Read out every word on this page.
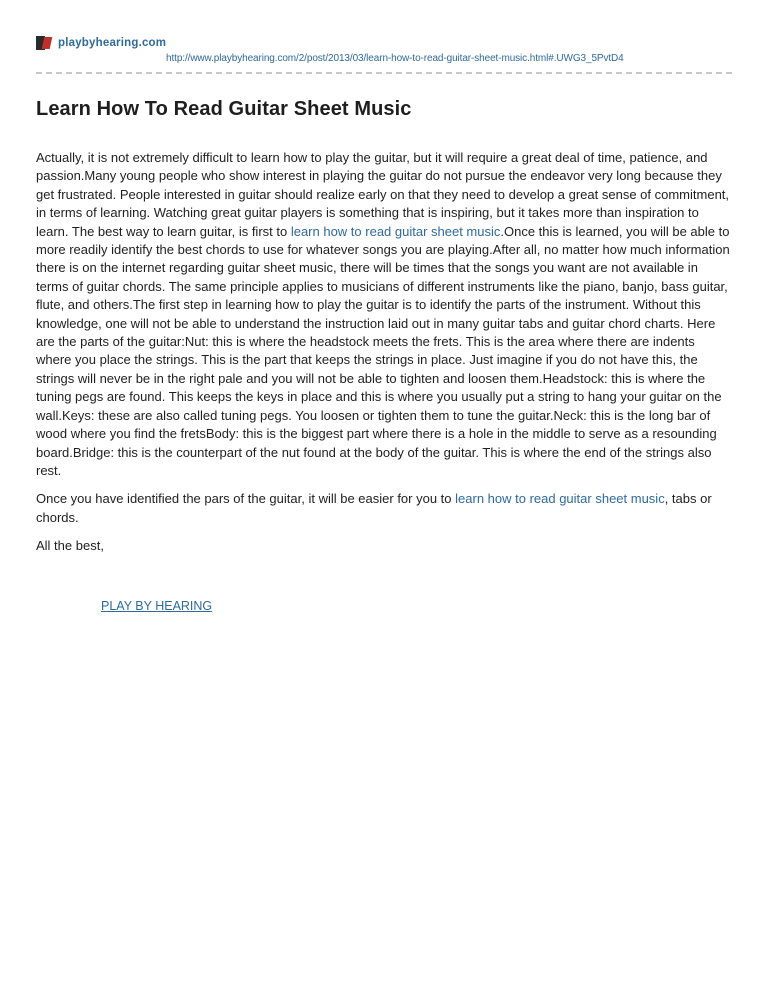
playbyhearing.com
http://www.playbyhearing.com/2/post/2013/03/learn-how-to-read-guitar-sheet-music.html#.UWG3_5PvtD4
Learn How To Read Guitar Sheet Music

Actually, it is not extremely difficult to learn how to play the guitar, but it will require a great deal of time, patience, and passion.Many young people who show interest in playing the guitar do not pursue the endeavor very long because they get frustrated. People interested in guitar should realize early on that they need to develop a great sense of commitment, in terms of learning. Watching great guitar players is something that is inspiring, but it takes more than inspiration to learn. The best way to learn guitar, is first to learn how to read guitar sheet music.Once this is learned, you will be able to more readily identify the best chords to use for whatever songs you are playing.After all, no matter how much information there is on the internet regarding guitar sheet music, there will be times that the songs you want are not available in terms of guitar chords. The same principle applies to musicians of different instruments like the piano, banjo, bass guitar, flute, and others.The first step in learning how to play the guitar is to identify the parts of the instrument. Without this knowledge, one will not be able to understand the instruction laid out in many guitar tabs and guitar chord charts. Here are the parts of the guitar:Nut: this is where the headstock meets the frets. This is the area where there are indents where you place the strings. This is the part that keeps the strings in place. Just imagine if you do not have this, the strings will never be in the right pale and you will not be able to tighten and loosen them.Headstock: this is where the tuning pegs are found. This keeps the keys in place and this is where you usually put a string to hang your guitar on the wall.Keys: these are also called tuning pegs. You loosen or tighten them to tune the guitar.Neck: this is the long bar of wood where you find the fretsBody: this is the biggest part where there is a hole in the middle to serve as a resounding board.Bridge: this is the counterpart of the nut found at the body of the guitar. This is where the end of the strings also rest.

Once you have identified the pars of the guitar, it will be easier for you to learn how to read guitar sheet music, tabs or chords.

All the best,

PLAY BY HEARING
